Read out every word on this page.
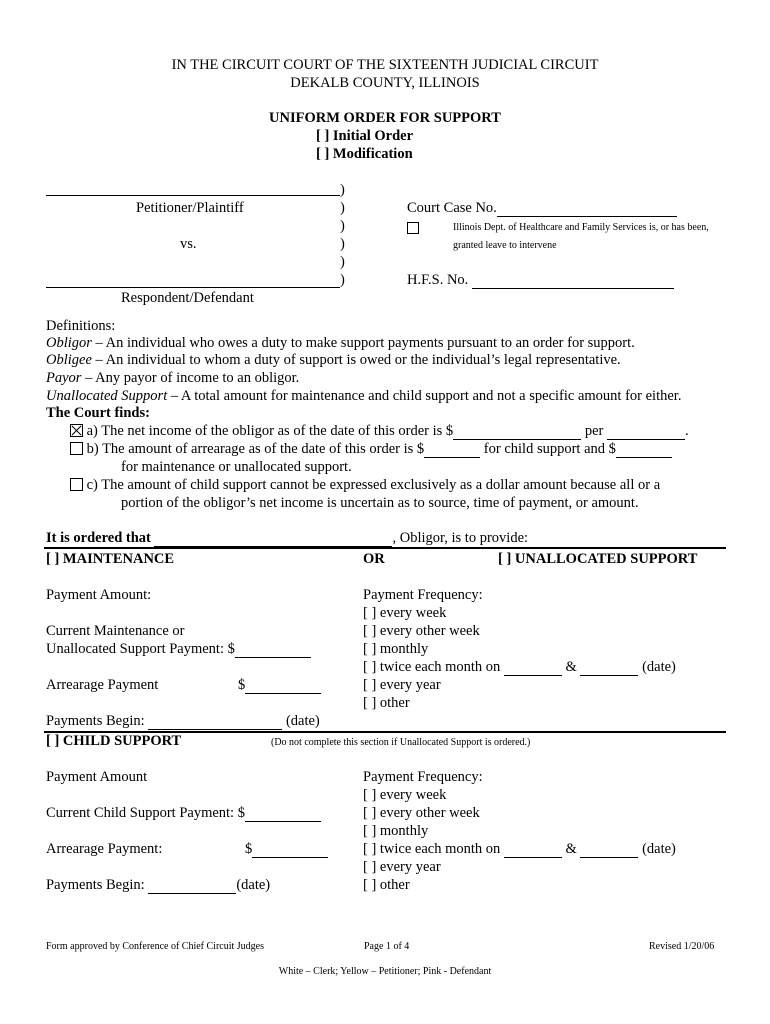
IN THE CIRCUIT COURT OF THE SIXTEENTH JUDICIAL CIRCUIT
DEKALB COUNTY, ILLINOIS
UNIFORM ORDER FOR SUPPORT
[ ] Initial Order
[ ] Modification
Petitioner/Plaintiff
vs.
Respondent/Defendant
)
)
)
)
)
)
Court Case No.
Illinois Dept. of Healthcare and Family Services is, or has been,
granted leave to intervene
H.F.S. No.
Definitions:
Obligor – An individual who owes a duty to make support payments pursuant to an order for support.
Obligee – An individual to whom a duty of support is owed or the individual’s legal representative.
Payor – Any payor of income to an obligor.
Unallocated Support – A total amount for maintenance and child support and not a specific amount for either.
The Court finds:
a) The net income of the obligor as of the date of this order is $	per	.
b) The amount of arrearage as of the date of this order is $	for child support and $
for maintenance or unallocated support.
c) The amount of child support cannot be expressed exclusively as a dollar amount because all or a
portion of the obligor’s net income is uncertain as to source, time of payment, or amount.
It is ordered that	, Obligor, is to provide:
[ ] MAINTENANCE	OR	[ ] UNALLOCATED SUPPORT
Payment Amount:
Current Maintenance or
Unallocated Support Payment: $
Arrearage Payment	$
Payments Begin:	(date)
Payment Frequency:
[ ] every week
[ ] every other week
[ ] monthly
[ ] twice each month on	&	(date)
[ ] every year
[ ] other
[ ] CHILD SUPPORT	(Do not complete this section if Unallocated Support is ordered.)
Payment Amount
Current Child Support Payment: $
Arrearage Payment:	$
Payments Begin:	(date)
Payment Frequency:
[ ] every week
[ ] every other week
[ ] monthly
[ ] twice each month on	&	(date)
[ ] every year
[ ] other
Form approved by Conference of Chief Circuit Judges	Page 1 of 4	Revised 1/20/06
White – Clerk; Yellow – Petitioner; Pink - Defendant
